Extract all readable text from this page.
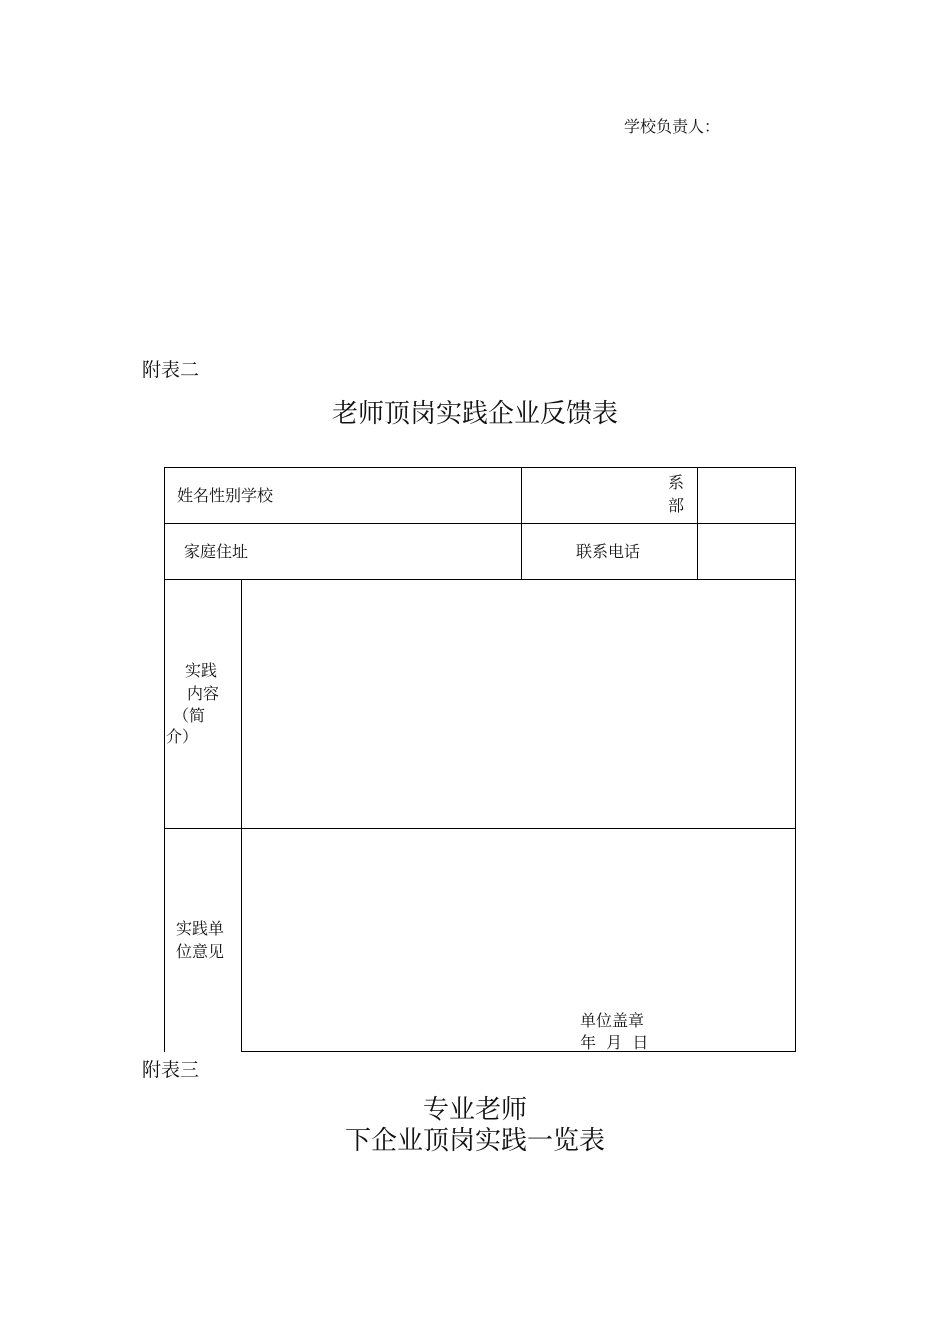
学校负责人：
附表二
老师顶岗实践企业反馈表
姓名性别学校
系
部
家庭住址	联系电话
实践
内容
（简
介）
实践单
位意见
单位盖章
年  月  日
附表三
专业老师
下企业顶岗实践一览表
